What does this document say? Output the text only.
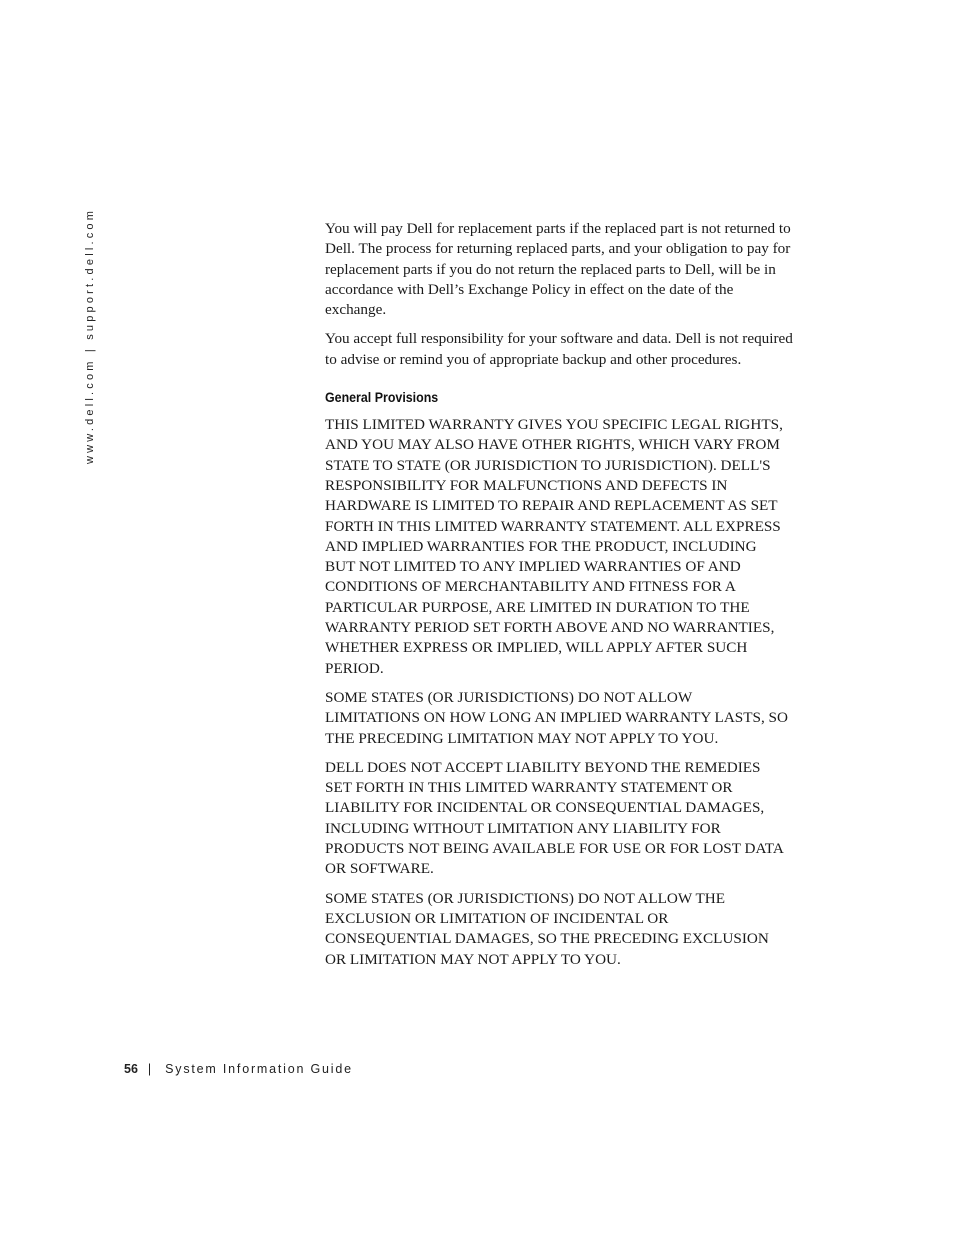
www.dell.com | support.dell.com	You will pay Dell for replacement parts if the replaced part is not returned to
Dell. The process for returning replaced parts, and your obligation to pay for
replacement parts if you do not return the replaced parts to Dell, will be in
accordance with Dell’s Exchange Policy in effect on the date of the
exchange.

You accept full responsibility for your software and data. Dell is not required
to advise or remind you of appropriate backup and other procedures.

General Provisions

THIS LIMITED WARRANTY GIVES YOU SPECIFIC LEGAL RIGHTS,
AND YOU MAY ALSO HAVE OTHER RIGHTS, WHICH VARY FROM
STATE TO STATE (OR JURISDICTION TO JURISDICTION). DELL'S
RESPONSIBILITY FOR MALFUNCTIONS AND DEFECTS IN
HARDWARE IS LIMITED TO REPAIR AND REPLACEMENT AS SET
FORTH IN THIS LIMITED WARRANTY STATEMENT. ALL EXPRESS
AND IMPLIED WARRANTIES FOR THE PRODUCT, INCLUDING
BUT NOT LIMITED TO ANY IMPLIED WARRANTIES OF AND
CONDITIONS OF MERCHANTABILITY AND FITNESS FOR A
PARTICULAR PURPOSE, ARE LIMITED IN DURATION TO THE
WARRANTY PERIOD SET FORTH ABOVE AND NO WARRANTIES,
WHETHER EXPRESS OR IMPLIED, WILL APPLY AFTER SUCH
PERIOD.

SOME STATES (OR JURISDICTIONS) DO NOT ALLOW
LIMITATIONS ON HOW LONG AN IMPLIED WARRANTY LASTS, SO
THE PRECEDING LIMITATION MAY NOT APPLY TO YOU.

DELL DOES NOT ACCEPT LIABILITY BEYOND THE REMEDIES
SET FORTH IN THIS LIMITED WARRANTY STATEMENT OR
LIABILITY FOR INCIDENTAL OR CONSEQUENTIAL DAMAGES,
INCLUDING WITHOUT LIMITATION ANY LIABILITY FOR
PRODUCTS NOT BEING AVAILABLE FOR USE OR FOR LOST DATA
OR SOFTWARE.

SOME STATES (OR JURISDICTIONS) DO NOT ALLOW THE
EXCLUSION OR LIMITATION OF INCIDENTAL OR
CONSEQUENTIAL DAMAGES, SO THE PRECEDING EXCLUSION
OR LIMITATION MAY NOT APPLY TO YOU.

56 | System Information Guide
